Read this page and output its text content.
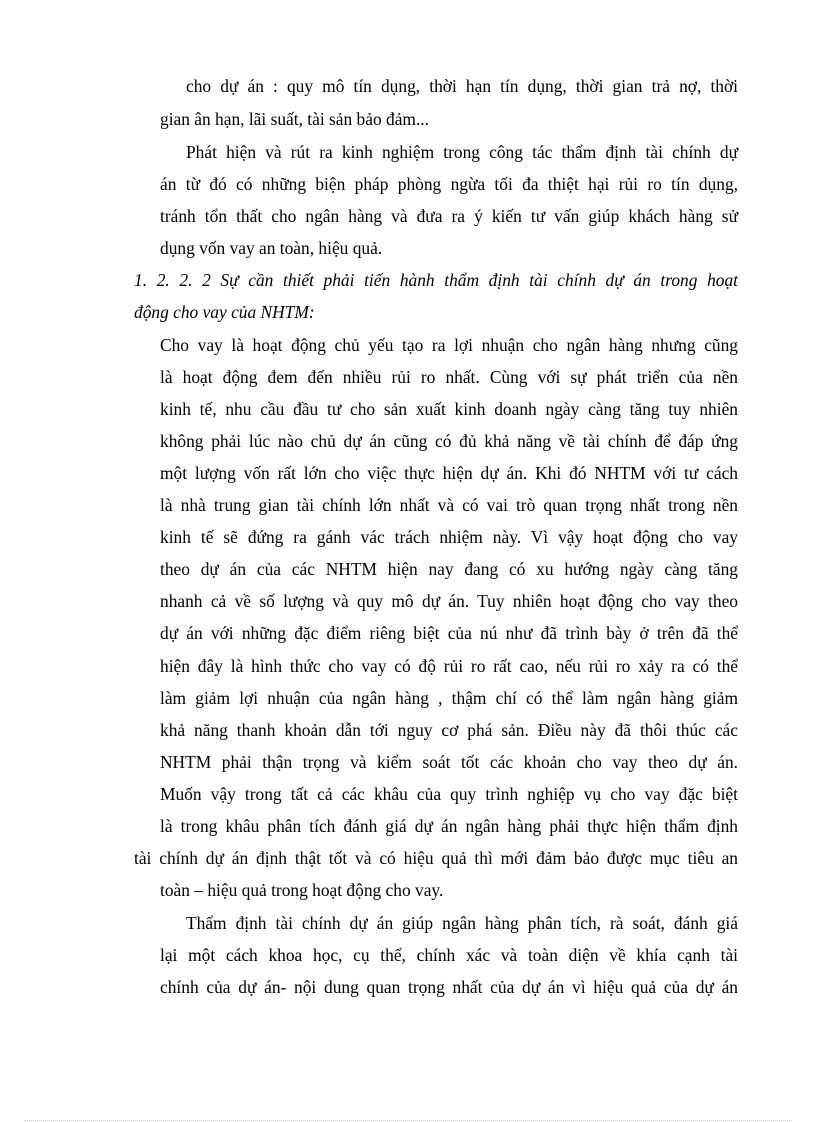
cho dự án : quy mô tín dụng, thời hạn tín dụng, thời gian trả nợ, thời
gian ân hạn, lãi suất, tài sản bảo đảm...
Phát hiện và rút ra kinh nghiệm trong công tác thẩm định tài chính dự
án từ đó có những biện pháp phòng ngừa tối đa thiệt hại rủi ro tín dụng,
tránh tổn thất cho ngân hàng và đưa ra ý kiến tư vấn giúp khách hàng sử
dụng vốn vay an toàn, hiệu quả.
1. 2. 2. 2 Sự cần thiết phải tiến hành thẩm định tài chính dự án trong hoạt
động cho vay của NHTM:
Cho vay là hoạt động chủ yếu tạo ra lợi nhuận cho ngân hàng nhưng cũng
là hoạt động đem đến nhiều rủi ro nhất. Cùng với sự phát triển của nền
kinh tế, nhu cầu đầu tư cho sản xuất kinh doanh ngày càng tăng tuy nhiên
không phải lúc nào chủ dự án cũng có đủ khả năng về tài chính để đáp ứng
một lượng vốn rất lớn cho việc thực hiện dự án. Khi đó NHTM với tư cách
là nhà trung gian tài chính lớn nhất và có vai trò quan trọng nhất trong nền
kinh tế sẽ đứng ra gánh vác trách nhiệm này. Vì vậy hoạt động cho vay
theo dự án của các NHTM hiện nay đang có xu hướng ngày càng tăng
nhanh cả về số lượng và quy mô dự án. Tuy nhiên hoạt động cho vay theo
dự án với những đặc điểm riêng biệt của nú như đã trình bày ở trên đã thể
hiện đây là hình thức cho vay có độ rủi ro rất cao, nếu rủi ro xảy ra có thể
làm giảm lợi nhuận của ngân hàng , thậm chí có thể làm ngân hàng giảm
khả năng thanh khoản dẫn tới nguy cơ phá sản. Điều này đã thôi thúc các
NHTM phải thận trọng và kiểm soát tốt các khoản cho vay theo dự án.
Muốn vậy trong tất cả các khâu của quy trình nghiệp vụ cho vay đặc biệt
là trong khâu phân tích đánh giá dự án ngân hàng phải thực hiện thẩm định
tài chính dự án định thật tốt và có hiệu quả thì mới đảm bảo được mục tiêu an
toàn – hiệu quả trong hoạt động cho vay.
Thẩm định tài chính dự án giúp ngân hàng phân tích, rà soát, đánh giá
lại một cách khoa học, cụ thể, chính xác và toàn diện về khía cạnh tài
chính của dự án- nội dung quan trọng nhất của dự án vì hiệu quả của dự án
